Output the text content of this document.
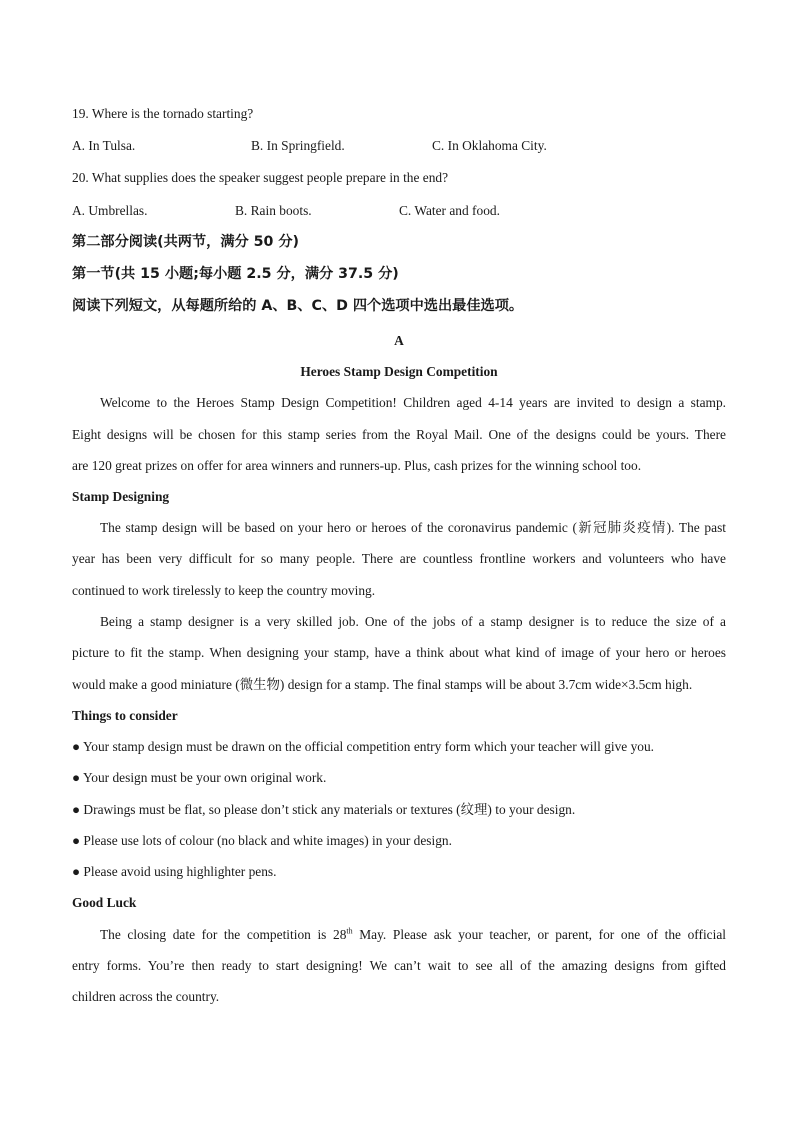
19. Where is the tornado starting?
A. In Tulsa.	B. In Springfield.	C. In Oklahoma City.
20. What supplies does the speaker suggest people prepare in the end?
A. Umbrellas.	B. Rain boots.	C. Water and food.
第二部分阅读(共两节，满分 50 分)
第一节(共 15 小题;每小题 2.5 分，满分 37.5 分)
阅读下列短文，从每题所给的 A、B、C、D 四个选项中选出最佳选项。
A
Heroes Stamp Design Competition
Welcome to the Heroes Stamp Design Competition! Children aged 4-14 years are invited to design a stamp.
Eight designs will be chosen for this stamp series from the Royal Mail. One of the designs could be yours. There
are 120 great prizes on offer for area winners and runners-up. Plus, cash prizes for the winning school too.
Stamp Designing
The stamp design will be based on your hero or heroes of the coronavirus pandemic (新冠肺炎疫情). The past
year has been very difficult for so many people. There are countless frontline workers and volunteers who have
continued to work tirelessly to keep the country moving.
Being a stamp designer is a very skilled job. One of the jobs of a stamp designer is to reduce the size of a
picture to fit the stamp. When designing your stamp, have a think about what kind of image of your hero or heroes
would make a good miniature (微生物) design for a stamp. The final stamps will be about 3.7cm wide×3.5cm high.
Things to consider
● Your stamp design must be drawn on the official competition entry form which your teacher will give you.
● Your design must be your own original work.
● Drawings must be flat, so please don’t stick any materials or textures (纹理) to your design.
● Please use lots of colour (no black and white images) in your design.
● Please avoid using highlighter pens.
Good Luck
The closing date for the competition is 28th May. Please ask your teacher, or parent, for one of the official
entry forms. You’re then ready to start designing! We can’t wait to see all of the amazing designs from gifted
children across the country.
